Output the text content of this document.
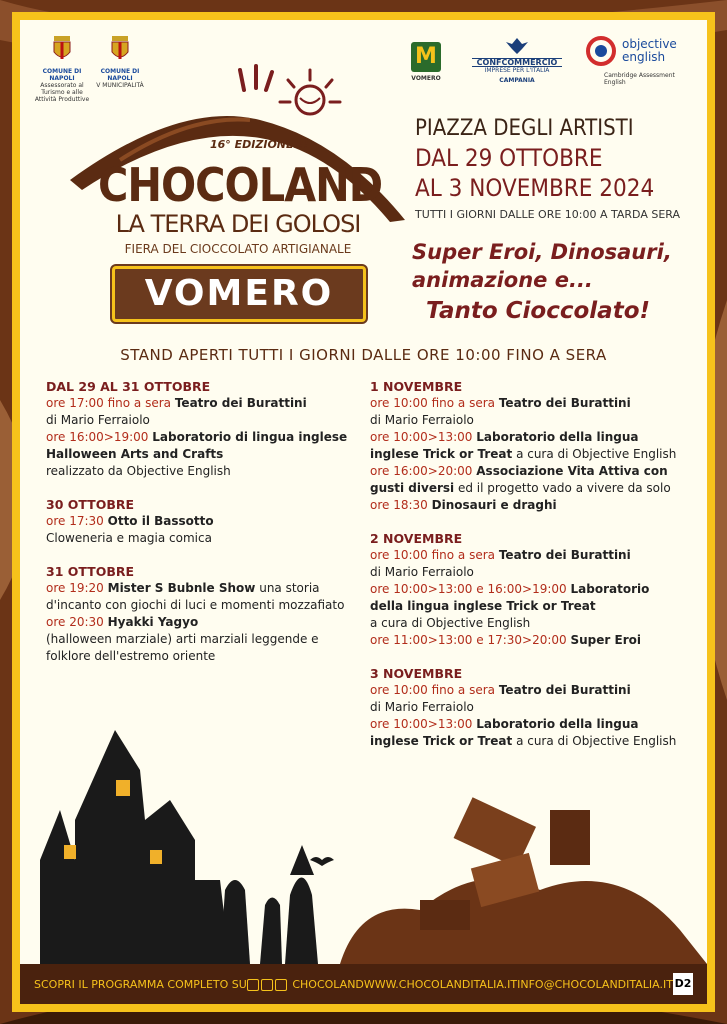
COMUNE DI NAPOLI
Assessorato al Turismo e alle Attività Produttive
COMUNE DI NAPOLI
V MUNICIPALITÀ
M
VOMERO
CONFCOMMERCIO
IMPRESE PER L'ITALIA
CAMPANIA
objective
english
Cambridge Assessment English
16° EDIZIONE!!!
CHOCOLAND
LA TERRA DEI GOLOSI
FIERA DEL CIOCCOLATO ARTIGIANALE
VOMERO
PIAZZA DEGLI ARTISTI
DAL 29 OTTOBRE
AL 3 NOVEMBRE 2024
TUTTI I GIORNI DALLE ORE 10:00 A TARDA SERA
Super Eroi, Dinosauri,
animazione e...
Tanto Cioccolato!
STAND APERTI TUTTI I GIORNI DALLE ORE 10:00 FINO A SERA
DAL 29 AL 31 OTTOBRE

ore 17:00 fino a sera Teatro dei Burattini

di Mario Ferraiolo

ore 16:00>19:00 Laboratorio di lingua inglese

Halloween Arts and Crafts

realizzato da Objective English

30 OTTOBRE

ore 17:30 Otto il Bassotto

Cloweneria e magia comica

31 OTTOBRE

ore 19:20 Mister S Bubnle Show una storia

d'incanto con giochi di luci e momenti mozzafiato

ore 20:30 Hyakki Yagyo

(halloween marziale) arti marziali leggende e

folklore dell'estremo oriente

1 NOVEMBRE

ore 10:00 fino a sera Teatro dei Burattini

di Mario Ferraiolo

ore 10:00>13:00 Laboratorio della lingua

inglese Trick or Treat a cura di Objective English

ore 16:00>20:00 Associazione Vita Attiva con

gusti diversi ed il progetto vado a vivere da solo

ore 18:30 Dinosauri e draghi

2 NOVEMBRE

ore 10:00 fino a sera Teatro dei Burattini

di Mario Ferraiolo

ore 10:00>13:00 e 16:00>19:00 Laboratorio

della lingua inglese Trick or Treat

a cura di Objective English

ore 11:00>13:00 e 17:30>20:00 Super Eroi

3 NOVEMBRE

ore 10:00 fino a sera Teatro dei Burattini

di Mario Ferraiolo

ore 10:00>13:00 Laboratorio della lingua

inglese Trick or Treat a cura di Objective English

SCOPRI IL PROGRAMMA COMPLETO SU	CHOCOLAND WWW.CHOCOLANDITALIA.IT INFO@CHOCOLANDITALIA.IT D2
